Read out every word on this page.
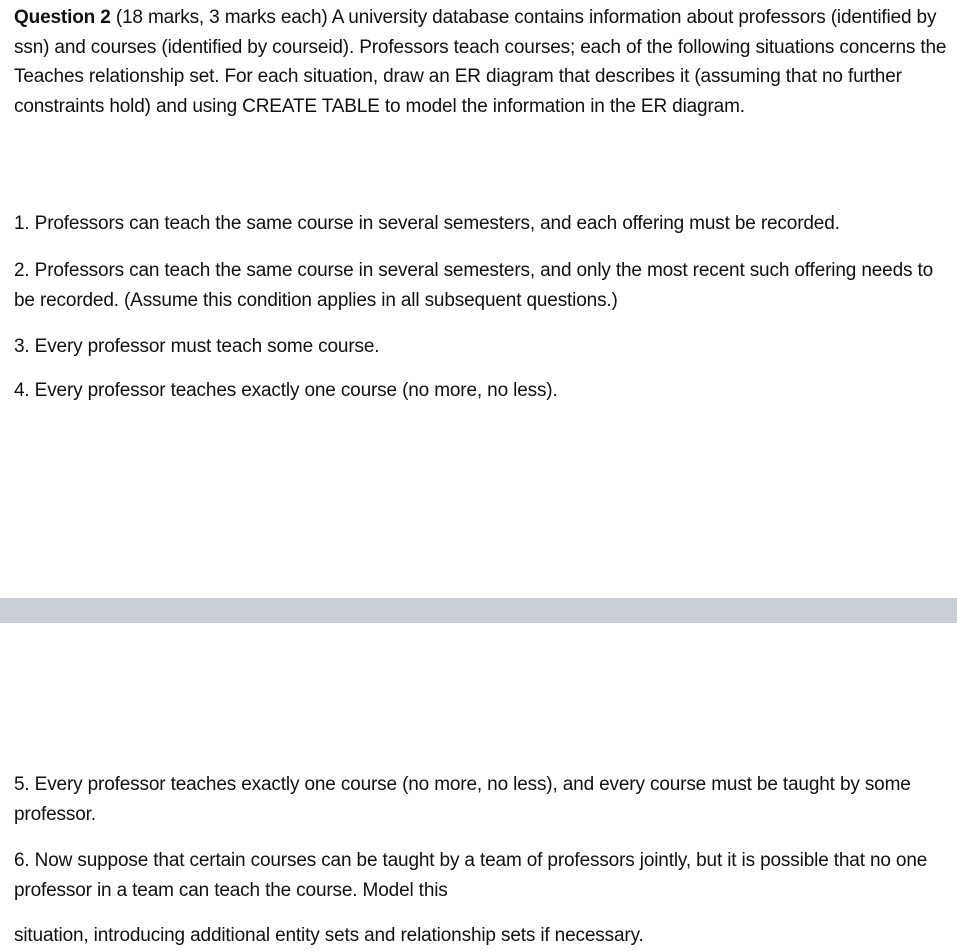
Question 2 (18 marks, 3 marks each) A university database contains information about professors (identified by ssn) and courses (identified by courseid). Professors teach courses; each of the following situations concerns the Teaches relationship set. For each situation, draw an ER diagram that describes it (assuming that no further constraints hold) and using CREATE TABLE to model the information in the ER diagram.

1. Professors can teach the same course in several semesters, and each offering must be recorded.

2. Professors can teach the same course in several semesters, and only the most recent such offering needs to be recorded. (Assume this condition applies in all subsequent questions.)

3. Every professor must teach some course.

4. Every professor teaches exactly one course (no more, no less).

5. Every professor teaches exactly one course (no more, no less), and every course must be taught by some professor.

6. Now suppose that certain courses can be taught by a team of professors jointly, but it is possible that no one professor in a team can teach the course. Model this

situation, introducing additional entity sets and relationship sets if necessary.
